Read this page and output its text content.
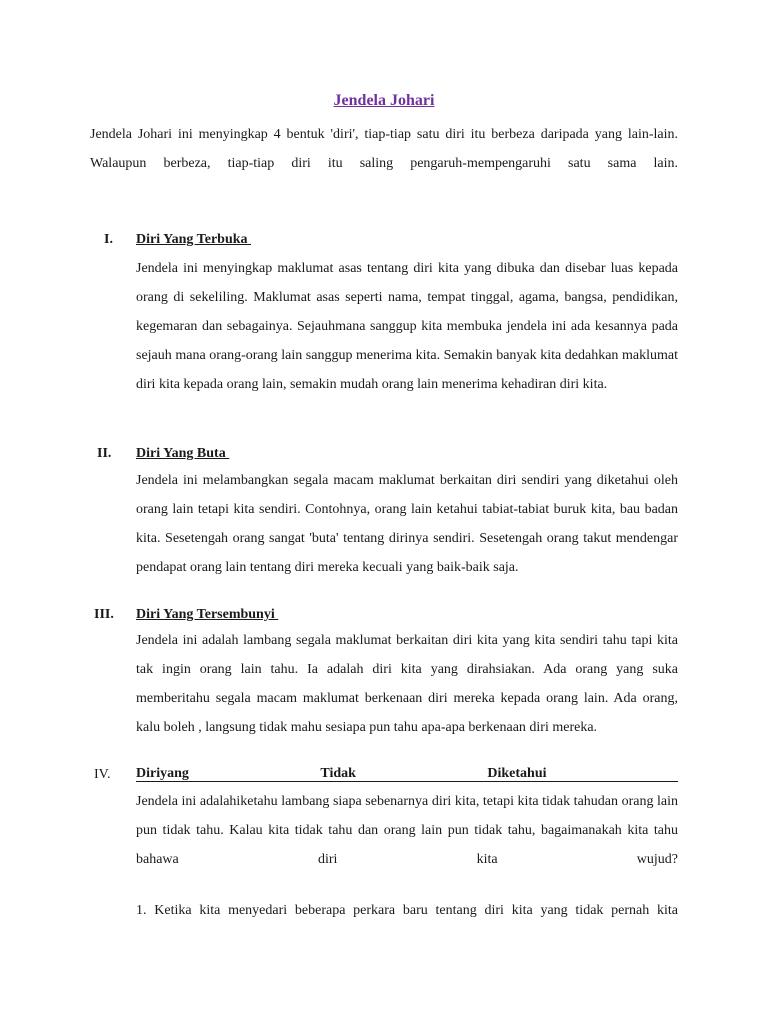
Jendela Johari

Jendela Johari ini menyingkap 4 bentuk 'diri', tiap-tiap satu diri itu berbeza daripada yang lain-lain. Walaupun berbeza, tiap-tiap diri itu saling pengaruh-mempengaruhi satu sama lain.

I. Diri Yang Terbuka

Jendela ini menyingkap maklumat asas tentang diri kita yang dibuka dan disebar luas kepada orang di sekeliling. Maklumat asas seperti nama, tempat tinggal, agama, bangsa, pendidikan, kegemaran dan sebagainya. Sejauhmana sanggup kita membuka jendela ini ada kesannya pada sejauh mana orang-orang lain sanggup menerima kita. Semakin banyak kita dedahkan maklumat diri kita kepada orang lain, semakin mudah orang lain menerima kehadiran diri kita.

II. Diri Yang Buta

Jendela ini melambangkan segala macam maklumat berkaitan diri sendiri yang diketahui oleh orang lain tetapi kita sendiri. Contohnya, orang lain ketahui tabiat-tabiat buruk kita, bau badan kita. Sesetengah orang sangat 'buta' tentang dirinya sendiri. Sesetengah orang takut mendengar pendapat orang lain tentang diri mereka kecuali yang baik-baik saja.

III. Diri Yang Tersembunyi

Jendela ini adalah lambang segala maklumat berkaitan diri kita yang kita sendiri tahu tapi kita tak ingin orang lain tahu. Ia adalah diri kita yang dirahsiakan. Ada orang yang suka memberitahu segala macam maklumat berkenaan diri mereka kepada orang lain. Ada orang, kalu boleh , langsung tidak mahu sesiapa pun tahu apa-apa berkenaan diri mereka.

IV. Diriyang	Tidak	Diketahui

Jendela ini adalahiketahu lambang siapa sebenarnya diri kita, tetapi kita tidak tahudan orang lain pun tidak tahu. Kalau kita tidak tahu dan orang lain pun tidak tahu, bagaimanakah kita tahu bahawa diri kita wujud?

1. Ketika kita menyedari beberapa perkara baru tentang diri kita yang tidak pernah kita
